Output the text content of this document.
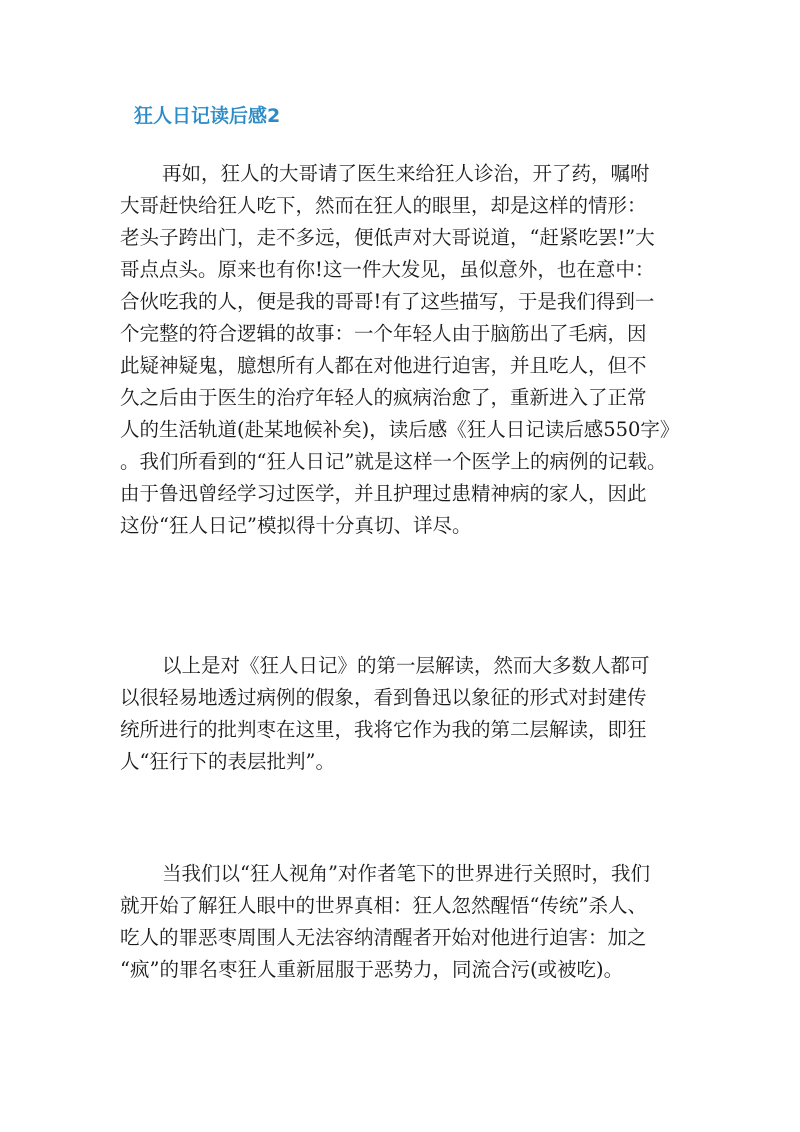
狂人日记读后感2
再如，狂人的大哥请了医生来给狂人诊治，开了药，嘱咐
大哥赶快给狂人吃下，然而在狂人的眼里，却是这样的情形：
老头子跨出门，走不多远，便低声对大哥说道，“赶紧吃罢!”大
哥点点头。原来也有你!这一件大发见，虽似意外，也在意中：
合伙吃我的人，便是我的哥哥!有了这些描写，于是我们得到一
个完整的符合逻辑的故事：一个年轻人由于脑筋出了毛病，因
此疑神疑鬼，臆想所有人都在对他进行迫害，并且吃人，但不
久之后由于医生的治疗年轻人的疯病治愈了，重新进入了正常
人的生活轨道(赴某地候补矣)，读后感《狂人日记读后感550字》
。我们所看到的“狂人日记”就是这样一个医学上的病例的记载。
由于鲁迅曾经学习过医学，并且护理过患精神病的家人，因此
这份“狂人日记”模拟得十分真切、详尽。
以上是对《狂人日记》的第一层解读，然而大多数人都可
以很轻易地透过病例的假象，看到鲁迅以象征的形式对封建传
统所进行的批判枣在这里，我将它作为我的第二层解读，即狂
人“狂行下的表层批判”。
当我们以“狂人视角”对作者笔下的世界进行关照时，我们
就开始了解狂人眼中的世界真相：狂人忽然醒悟“传统”杀人、
吃人的罪恶枣周围人无法容纳清醒者开始对他进行迫害：加之
“疯”的罪名枣狂人重新屈服于恶势力，同流合污(或被吃)。
